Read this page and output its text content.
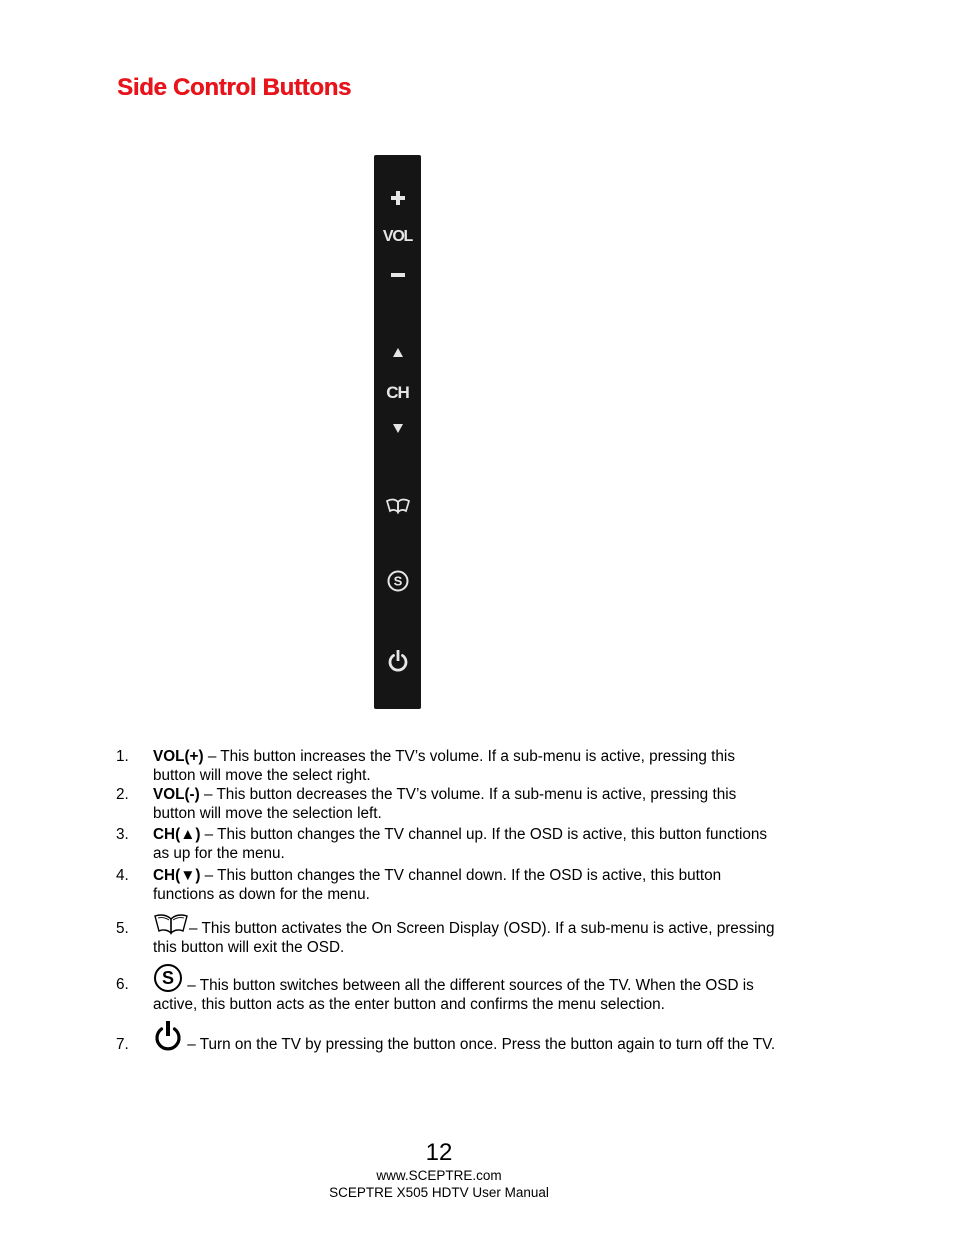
Side Control Buttons
VOL
CH
S
1. VOL(+) – This button increases the TV’s volume. If a sub-menu is active, pressing this button will move the select right.
2. VOL(-) – This button decreases the TV’s volume. If a sub-menu is active, pressing this button will move the selection left.
3. CH(▲) – This button changes the TV channel up. If the OSD is active, this button functions as up for the menu.
4. CH(▼) – This button changes the TV channel down. If the OSD is active, this button functions as down for the menu.
5.	– This button activates the On Screen Display (OSD). If a sub-menu is active, pressing this button will exit the OSD.
6. S – This button switches between all the different sources of the TV. When the OSD is active, this button acts as the enter button and confirms the menu selection.
7.	– Turn on the TV by pressing the button once. Press the button again to turn off the TV.
12
www.SCEPTRE.com
SCEPTRE X505 HDTV User Manual
